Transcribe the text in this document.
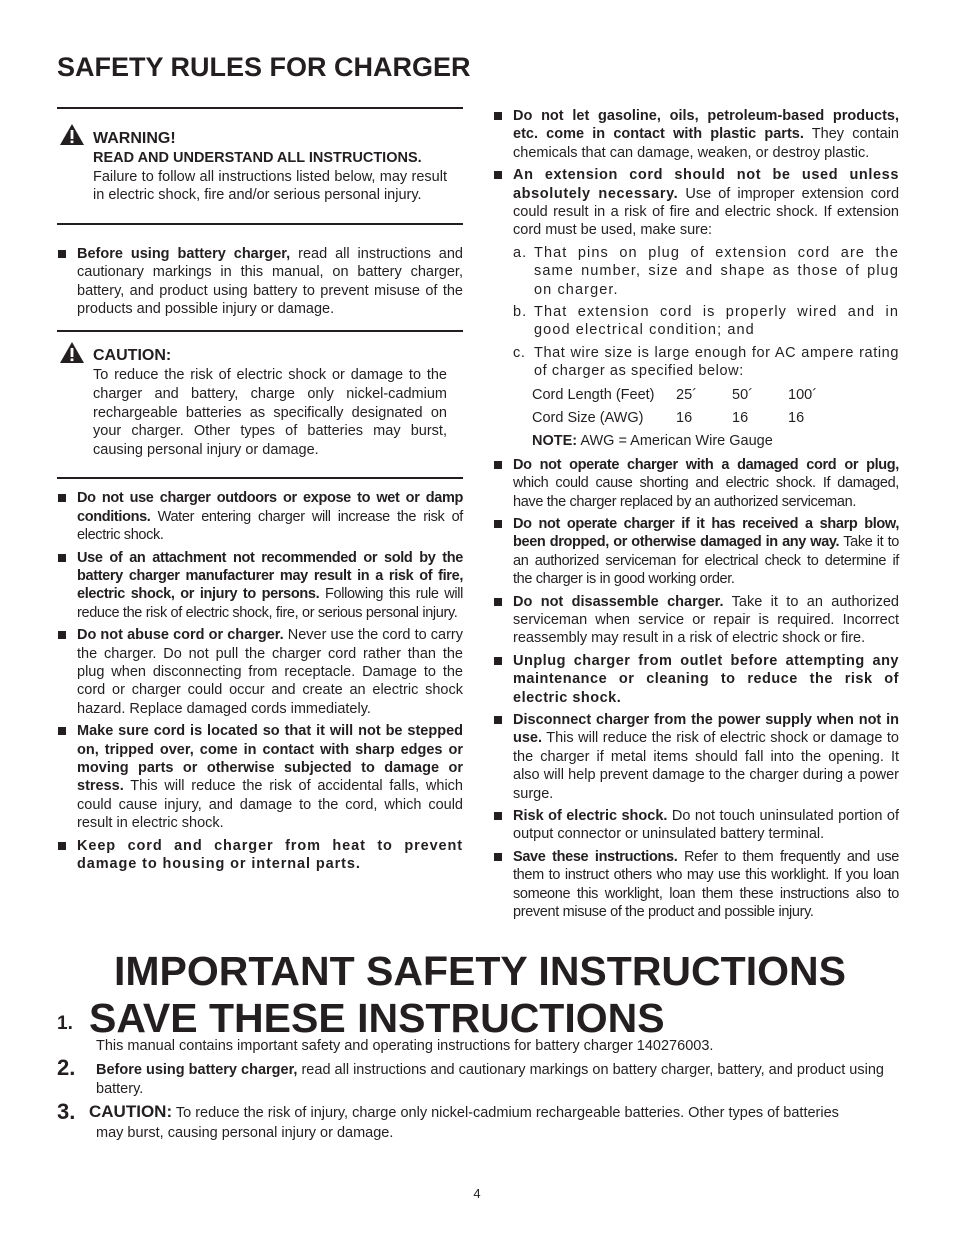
SAFETY RULES FOR CHARGER
WARNING!
READ AND UNDERSTAND ALL INSTRUCTIONS.
Failure to follow all instructions listed below, may result in electric shock, fire and/or serious personal injury.
Before using battery charger, read all instructions and cautionary markings in this manual, on battery charger, battery, and product using battery to prevent misuse of the products and possible injury or damage.
CAUTION:
To reduce the risk of electric shock or damage to the charger and battery, charge only nickel-cadmium rechargeable batteries as specifically designated on your charger. Other types of batteries may burst, causing personal injury or damage.
Do not use charger outdoors or expose to wet or damp conditions. Water entering charger will increase the risk of electric shock.
Use of an attachment not recommended or sold by the battery charger manufacturer may result in a risk of fire, electric shock, or injury to persons. Following this rule will reduce the risk of electric shock, fire, or serious personal injury.
Do not abuse cord or charger. Never use the cord to carry the charger. Do not pull the charger cord rather than the plug when disconnecting from receptacle. Damage to the cord or charger could occur and create an electric shock hazard. Replace damaged cords immediately.
Make sure cord is located so that it will not be stepped on, tripped over, come in contact with sharp edges or moving parts or otherwise subjected to damage or stress. This will reduce the risk of accidental falls, which could cause injury, and damage to the cord, which could result in electric shock.
Keep cord and charger from heat to prevent damage to housing or internal parts.
Do not let gasoline, oils, petroleum-based products, etc. come in contact with plastic parts. They contain chemicals that can damage, weaken, or destroy plastic.
An extension cord should not be used unless absolutely necessary. Use of improper extension cord could result in a risk of fire and electric shock. If extension cord must be used, make sure:
a. That pins on plug of extension cord are the same number, size and shape as those of plug on charger.
b. That extension cord is properly wired and in good electrical condition; and
c. That wire size is large enough for AC ampere rating of charger as specified below:
Cord Length (Feet)	25´	50´	100´
Cord Size (AWG)	16	16	16
NOTE: AWG = American Wire Gauge
Do not operate charger with a damaged cord or plug, which could cause shorting and electric shock. If damaged, have the charger replaced by an authorized serviceman.
Do not operate charger if it has received a sharp blow, been dropped, or otherwise damaged in any way. Take it to an authorized serviceman for electrical check to determine if the charger is in good working order.
Do not disassemble charger. Take it to an authorized serviceman when service or repair is required. Incorrect reassembly may result in a risk of electric shock or fire.
Unplug charger from outlet before attempting any maintenance or cleaning to reduce the risk of electric shock.
Disconnect charger from the power supply when not in use. This will reduce the risk of electric shock or damage to the charger if metal items should fall into the opening. It also will help prevent damage to the charger during a power surge.
Risk of electric shock. Do not touch uninsulated portion of output connector or uninsulated battery terminal.
Save these instructions. Refer to them frequently and use them to instruct others who may use this worklight. If you loan someone this worklight, loan them these instructions also to prevent misuse of the product and possible injury.
IMPORTANT SAFETY INSTRUCTIONS
SAVE THESE INSTRUCTIONS
1.
This manual contains important safety and operating instructions for battery charger 140276003.
2. Before using battery charger, read all instructions and cautionary markings on battery charger, battery, and product using battery.
3. CAUTION: To reduce the risk of injury, charge only nickel-cadmium rechargeable batteries. Other types of batteries
may burst, causing personal injury or damage.
4
